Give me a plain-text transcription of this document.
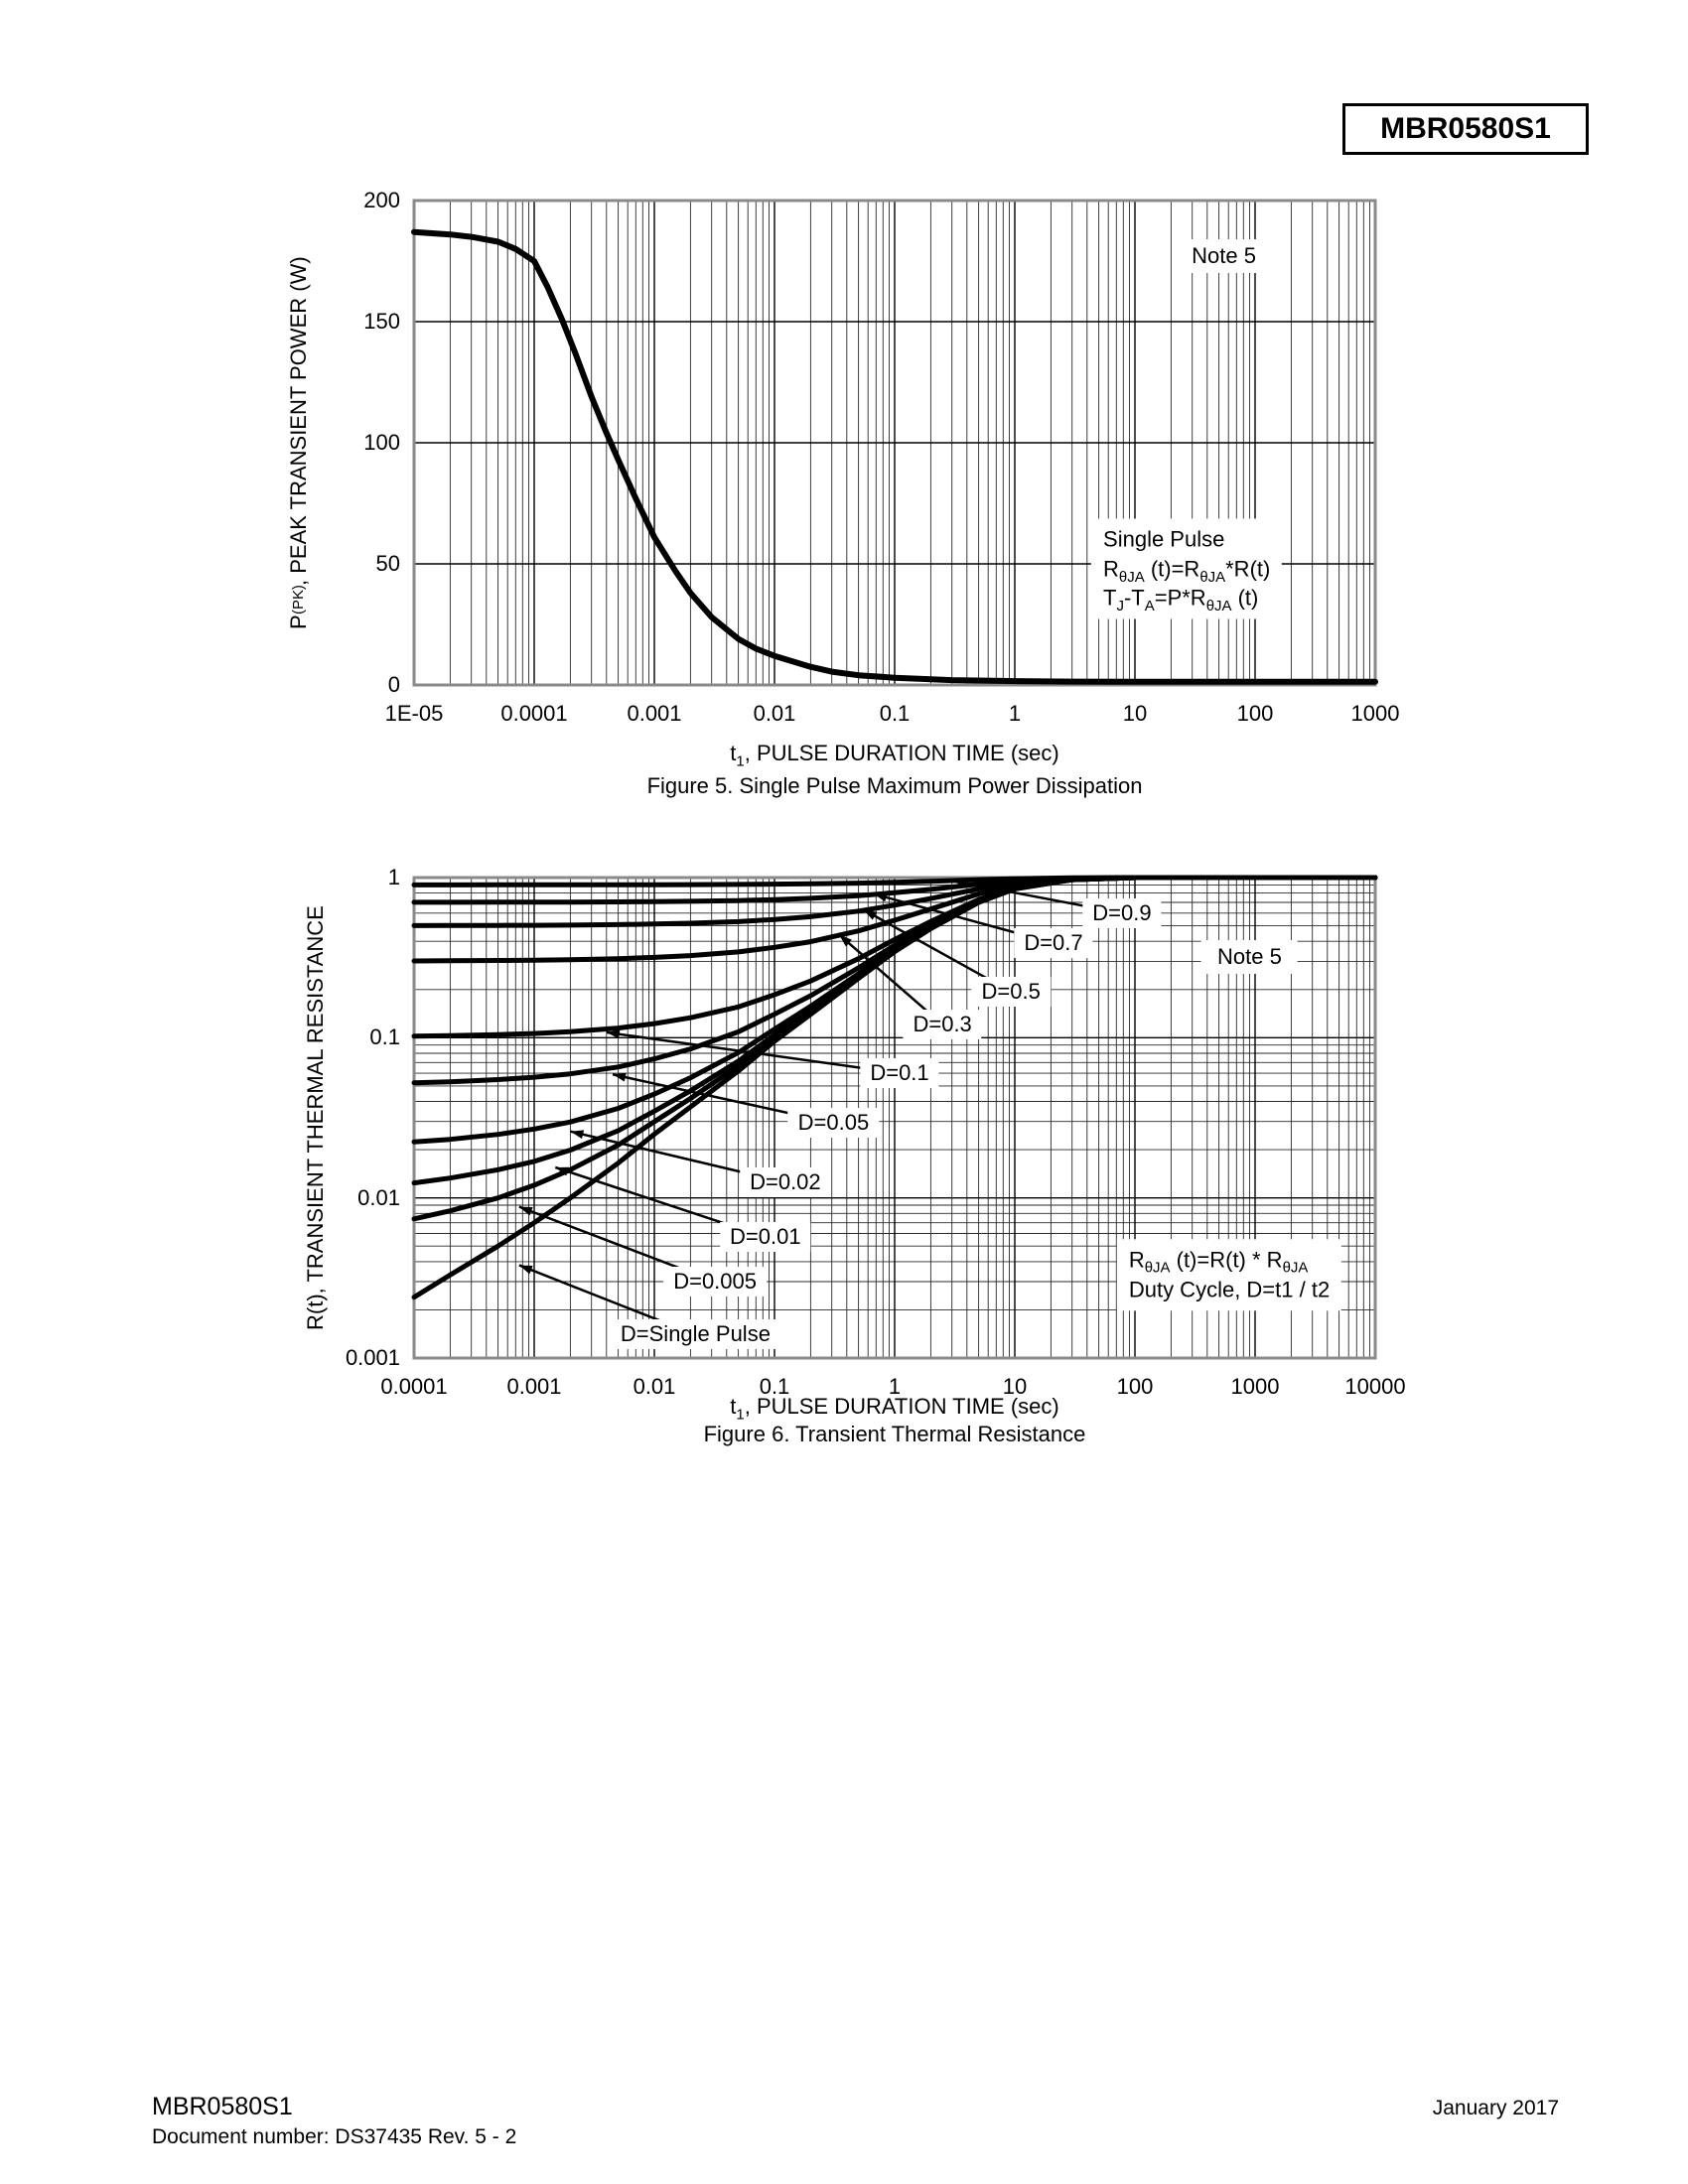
MBR0580S1
P
(PK)
, PEAK TRANSIENT POWER (W)
1E-05	0.0001	0.001	0.01	0.1	1	10	100	1000
0
50
100
150
200
Note 5
Single Pulse
$R_{\theta JA}$ $(t)=R_{\theta JA}*R(t)$
$T_J-T_A=P*R_{\theta JA}$ (t)
$t_1$, PULSE DURATION TIME (sec)
Figure 5. Single Pulse Maximum Power Dissipation
R(t), TRANSIENT THERMAL RESISTANCE
0.0001	0.001	0.01	0.1	1	10	100	1000	10000
1
0.1
0.01
0.001
D=0.9
D=0.7
D=0.5
D=0.3
D=0.1
D=0.05
D=0.02
D=0.01
D=0.005
D=Single Pulse
Note 5
$R_{\theta JA}$ $(t)=R(t) * R_{\theta JA}$
Duty Cycle, D=t1 / t2
$t_1$, PULSE DURATION TIME (sec)
Figure 6. Transient Thermal Resistance
MBR0580S1
Document number: DS37435 Rev. 5 - 2
January 2017
